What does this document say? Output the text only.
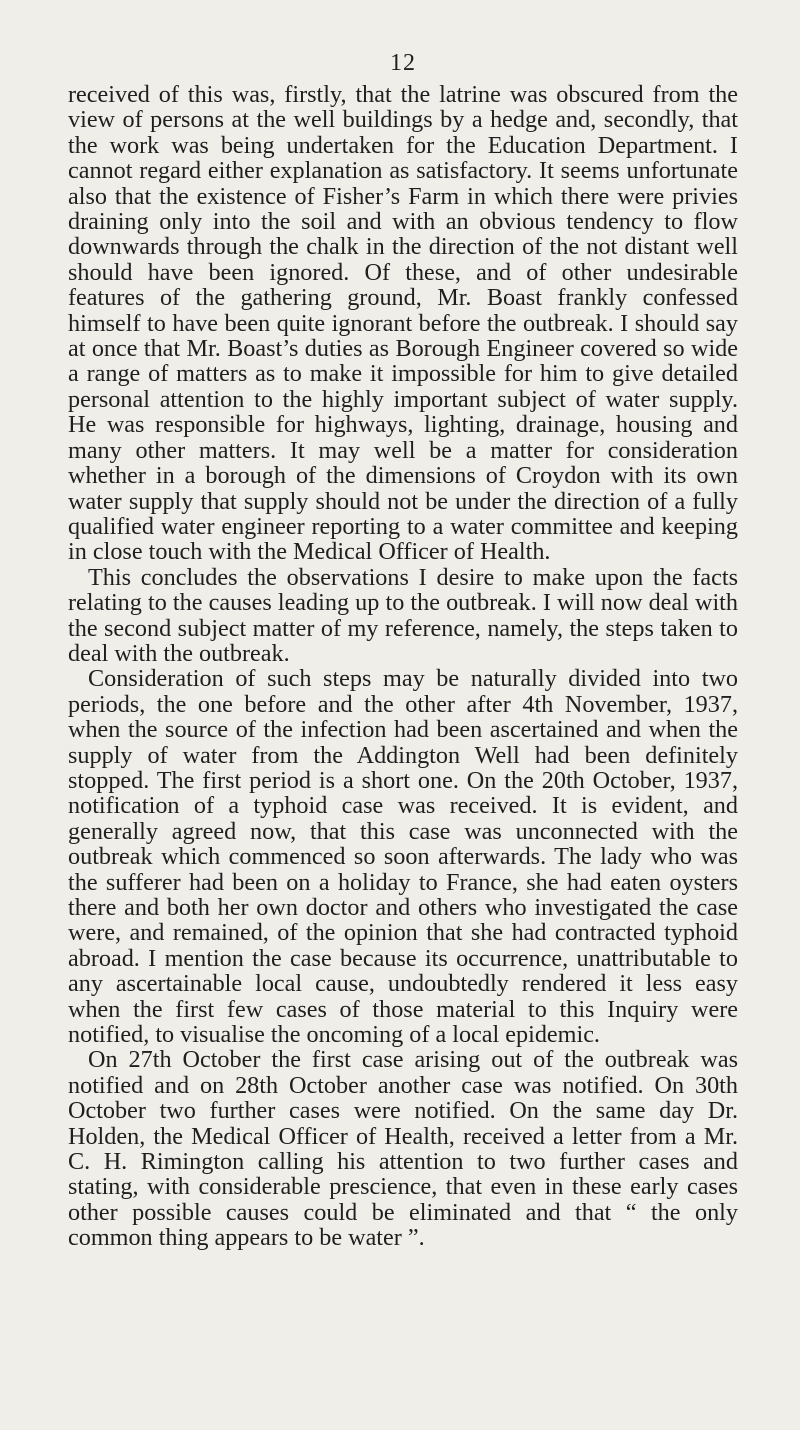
12

received of this was, firstly, that the latrine was obscured from the view of persons at the well buildings by a hedge and, secondly, that the work was being undertaken for the Education Department. I cannot regard either explanation as satisfactory. It seems unfortunate also that the existence of Fisher’s Farm in which there were privies draining only into the soil and with an obvious tendency to flow downwards through the chalk in the direction of the not distant well should have been ignored. Of these, and of other undesirable features of the gathering ground, Mr. Boast frankly confessed himself to have been quite ignorant before the outbreak. I should say at once that Mr. Boast’s duties as Borough Engineer covered so wide a range of matters as to make it impossible for him to give detailed personal attention to the highly important subject of water supply. He was responsible for highways, lighting, drainage, housing and many other matters. It may well be a matter for consideration whether in a borough of the dimensions of Croydon with its own water supply that supply should not be under the direction of a fully qualified water engineer reporting to a water committee and keeping in close touch with the Medical Officer of Health.

This concludes the observations I desire to make upon the facts relating to the causes leading up to the outbreak. I will now deal with the second subject matter of my reference, namely, the steps taken to deal with the outbreak.

Consideration of such steps may be naturally divided into two periods, the one before and the other after 4th November, 1937, when the source of the infection had been ascertained and when the supply of water from the Addington Well had been definitely stopped. The first period is a short one. On the 20th October, 1937, notification of a typhoid case was received. It is evident, and generally agreed now, that this case was unconnected with the outbreak which commenced so soon afterwards. The lady who was the sufferer had been on a holiday to France, she had eaten oysters there and both her own doctor and others who investigated the case were, and remained, of the opinion that she had contracted typhoid abroad. I mention the case because its occurrence, unattributable to any ascertainable local cause, undoubtedly rendered it less easy when the first few cases of those material to this Inquiry were notified, to visualise the oncoming of a local epidemic.

On 27th October the first case arising out of the outbreak was notified and on 28th October another case was notified. On 30th October two further cases were notified. On the same day Dr. Holden, the Medical Officer of Health, received a letter from a Mr. C. H. Rimington calling his attention to two further cases and stating, with considerable prescience, that even in these early cases other possible causes could be eliminated and that “ the only common thing appears to be water ”.
